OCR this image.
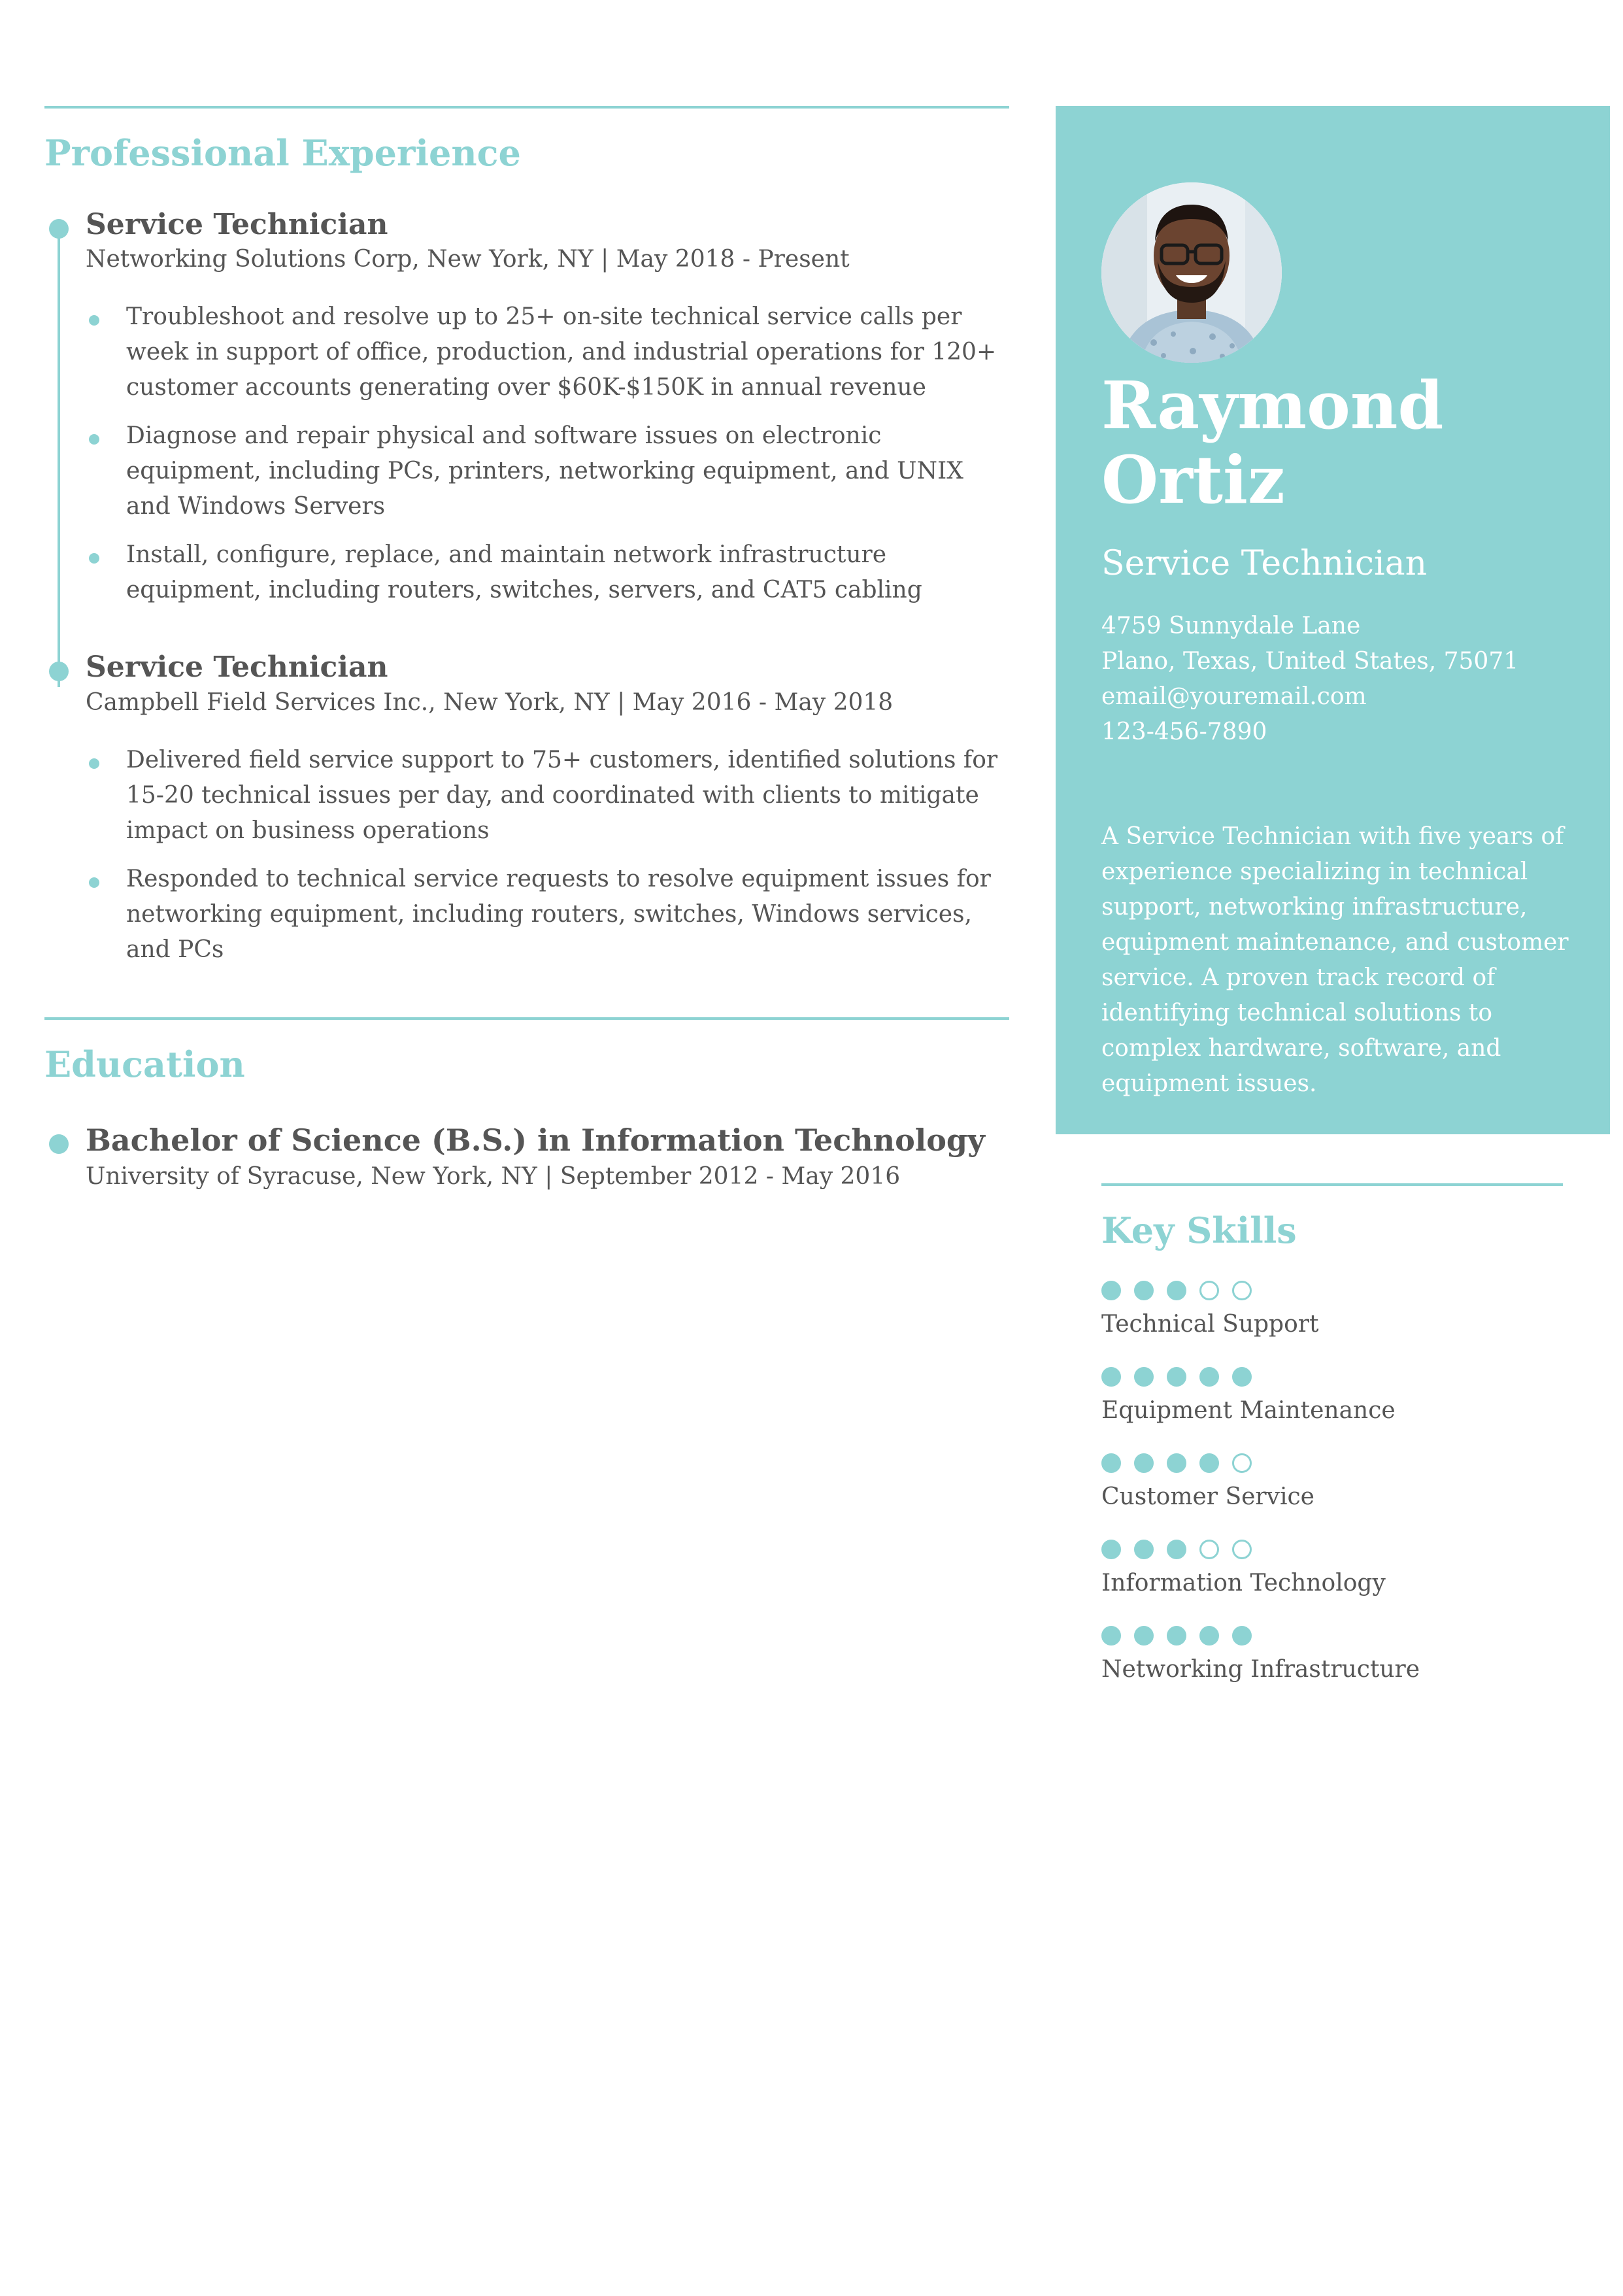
Professional Experience
Service Technician
Networking Solutions Corp, New York, NY | May 2018 - Present
Troubleshoot and resolve up to 25+ on-site technical service calls per week in support of office, production, and industrial operations for 120+ customer accounts generating over $60K-$150K in annual revenue
Diagnose and repair physical and software issues on electronic equipment, including PCs, printers, networking equipment, and UNIX and Windows Servers
Install, configure, replace, and maintain network infrastructure equipment, including routers, switches, servers, and CAT5 cabling
Service Technician
Campbell Field Services Inc., New York, NY | May 2016 - May 2018
Delivered field service support to 75+ customers, identified solutions for 15-20 technical issues per day, and coordinated with clients to mitigate impact on business operations
Responded to technical service requests to resolve equipment issues for networking equipment, including routers, switches, Windows services, and PCs
Education
Bachelor of Science (B.S.) in Information Technology
University of Syracuse, New York, NY | September 2012 - May 2016
Raymond Ortiz
Service Technician
4759 Sunnydale Lane
Plano, Texas, United States, 75071
email@youremail.com
123-456-7890
A Service Technician with five years of experience specializing in technical support, networking infrastructure, equipment maintenance, and customer service. A proven track record of identifying technical solutions to complex hardware, software, and equipment issues.
Key Skills
Technical Support
Equipment Maintenance
Customer Service
Information Technology
Networking Infrastructure
